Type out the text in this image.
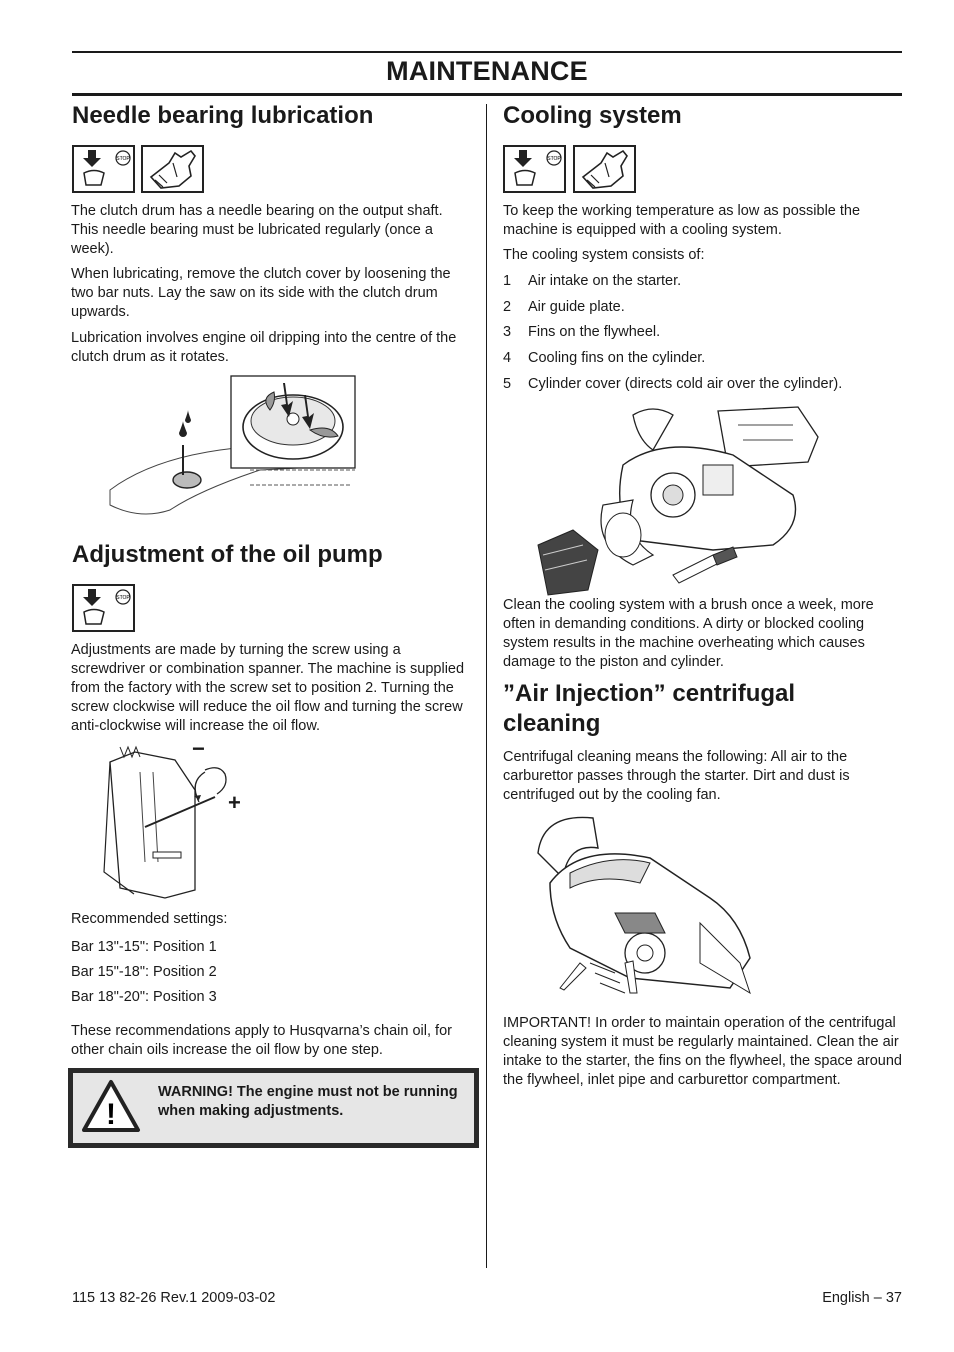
MAINTENANCE
Needle bearing lubrication
STOP

The clutch drum has a needle bearing on the output shaft. This needle bearing must be lubricated regularly (once a week).

When lubricating, remove the clutch cover by loosening the two bar nuts. Lay the saw on its side with the clutch drum upwards.

Lubrication involves engine oil dripping into the centre of the clutch drum as it rotates.

Adjustment of the oil pump
STOP

Adjustments are made by turning the screw using a screwdriver or combination spanner. The machine is supplied from the factory with the screw set to position 2. Turning the screw clockwise will reduce the oil flow and turning the screw anti-clockwise will increase the oil flow.

−
+
Recommended settings:
Bar 13"-15": Position 1
Bar 15"-18": Position 2
Bar 18"-20": Position 3

These recommendations apply to Husqvarna’s chain oil, for other chain oils increase the oil flow by one step.

!
WARNING! The engine must not be running when making adjustments.
Cooling system
STOP

To keep the working temperature as low as possible the machine is equipped with a cooling system.

The cooling system consists of:
1 Air intake on the starter.
2 Air guide plate.
3 Fins on the flywheel.
4 Cooling fins on the cylinder.
5 Cylinder cover (directs cold air over the cylinder).

Clean the cooling system with a brush once a week, more often in demanding conditions. A dirty or blocked cooling system results in the machine overheating which causes damage to the piston and cylinder.

”Air Injection” centrifugal
cleaning

Centrifugal cleaning means the following: All air to the carburettor passes through the starter. Dirt and dust is centrifuged out by the cooling fan.

IMPORTANT! In order to maintain operation of the centrifugal cleaning system it must be regularly maintained. Clean the air intake to the starter, the fins on the flywheel, the space around the flywheel, inlet pipe and carburettor compartment.

115 13 82-26 Rev.1 2009-03-02	English – 37
